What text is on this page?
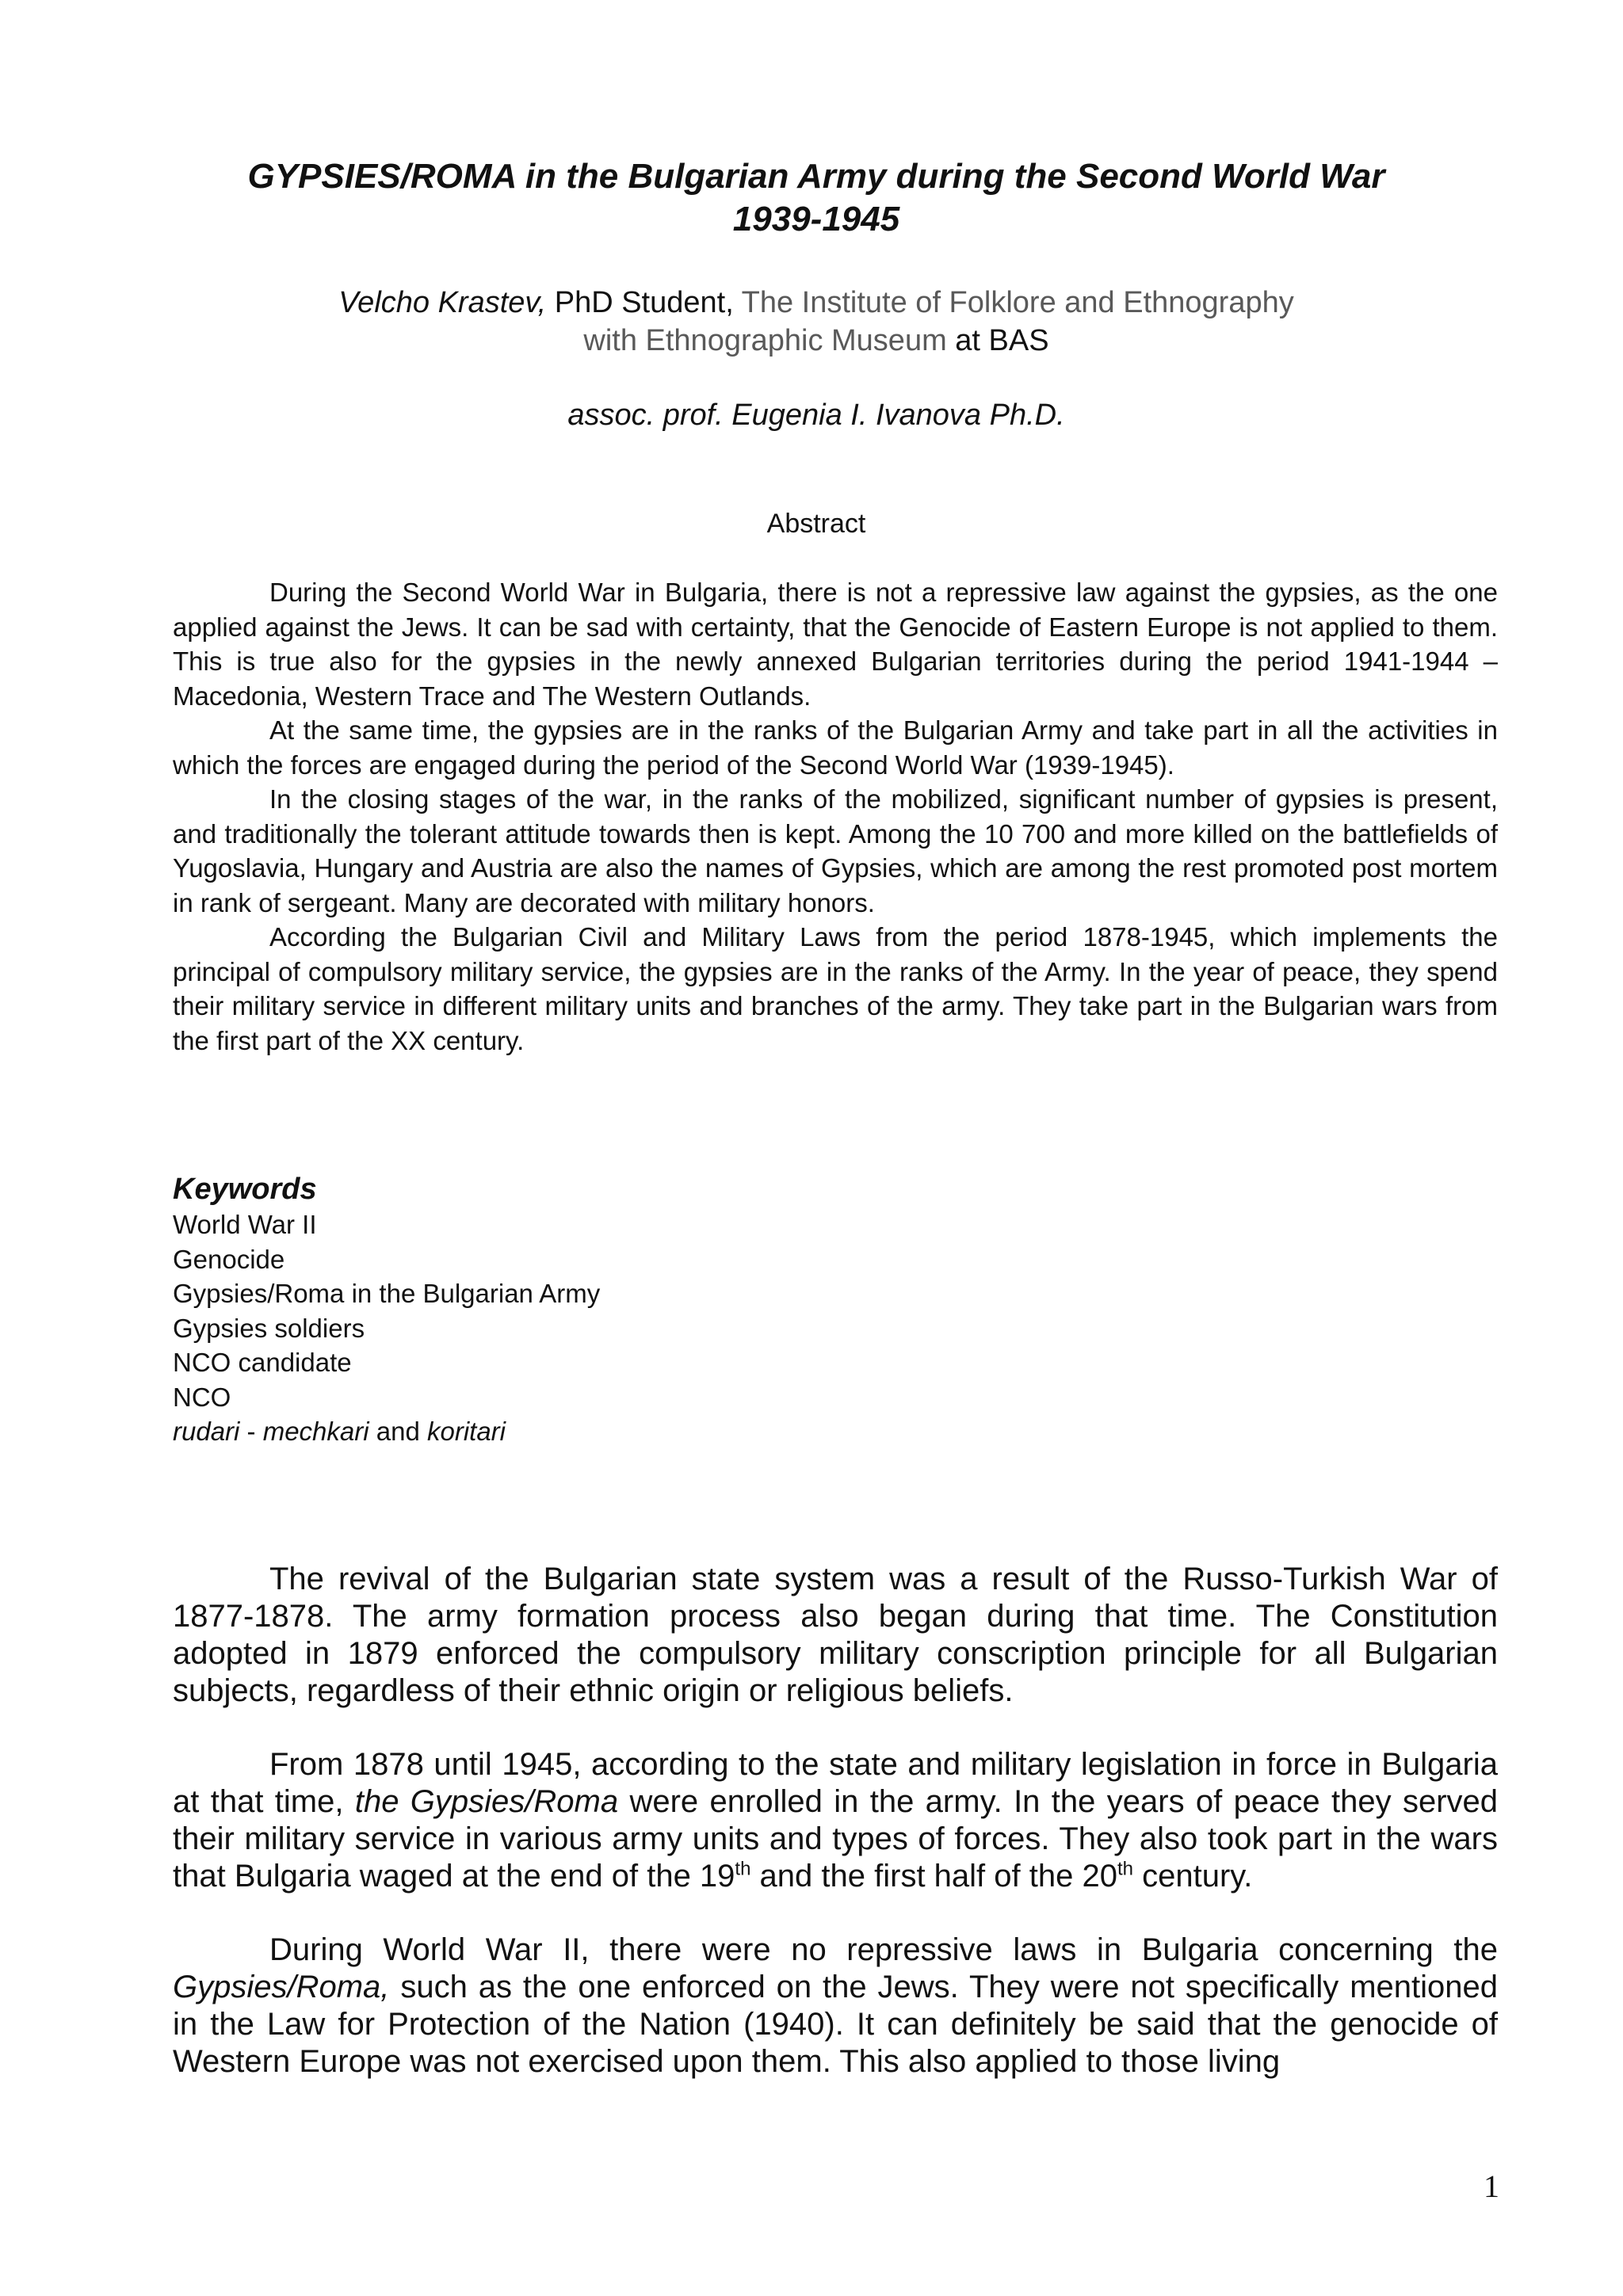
GYPSIES/ROMA in the Bulgarian Army during the Second World War
1939-1945
Velcho Krastev, PhD Student, The Institute of Folklore and Ethnography
with Ethnographic Museum at BAS
assoc. prof. Eugenia I. Ivanova Ph.D.
Abstract

During the Second World War in Bulgaria, there is not a repressive law against the gypsies, as the one applied against the Jews. It can be sad with certainty, that the Genocide of Eastern Europe is not applied to them. This is true also for the gypsies in the newly annexed Bulgarian territories during the period 1941-1944 – Macedonia, Western Trace and The Western Outlands.

At the same time, the gypsies are in the ranks of the Bulgarian Army and take part in all the activities in which the forces are engaged during the period of the Second World War (1939-1945).

In the closing stages of the war, in the ranks of the mobilized, significant number of gypsies is present, and traditionally the tolerant attitude towards then is kept. Among the 10 700 and more killed on the battlefields of Yugoslavia, Hungary and Austria are also the names of Gypsies, which are among the rest promoted post mortem in rank of sergeant. Many are decorated with military honors.

According the Bulgarian Civil and Military Laws from the period 1878-1945, which implements the principal of compulsory military service, the gypsies are in the ranks of the Army. In the year of peace, they spend their military service in different military units and branches of the army. They take part in the Bulgarian wars from the first part of the XX century.

Keywords
World War II
Genocide
Gypsies/Roma in the Bulgarian Army
Gypsies soldiers
NCO candidate
NCO
rudari - mechkari and koritari

The revival of the Bulgarian state system was a result of the Russo-Turkish War of 1877-1878. The army formation process also began during that time. The Constitution adopted in 1879 enforced the compulsory military conscription principle for all Bulgarian subjects, regardless of their ethnic origin or religious beliefs.

From 1878 until 1945, according to the state and military legislation in force in Bulgaria at that time, the Gypsies/Roma were enrolled in the army. In the years of peace they served their military service in various army units and types of forces. They also took part in the wars that Bulgaria waged at the end of the 19th and the first half of the 20th century.

During World War II, there were no repressive laws in Bulgaria concerning the Gypsies/Roma, such as the one enforced on the Jews. They were not specifically mentioned in the Law for Protection of the Nation (1940). It can definitely be said that the genocide of Western Europe was not exercised upon them. This also applied to those living

1
